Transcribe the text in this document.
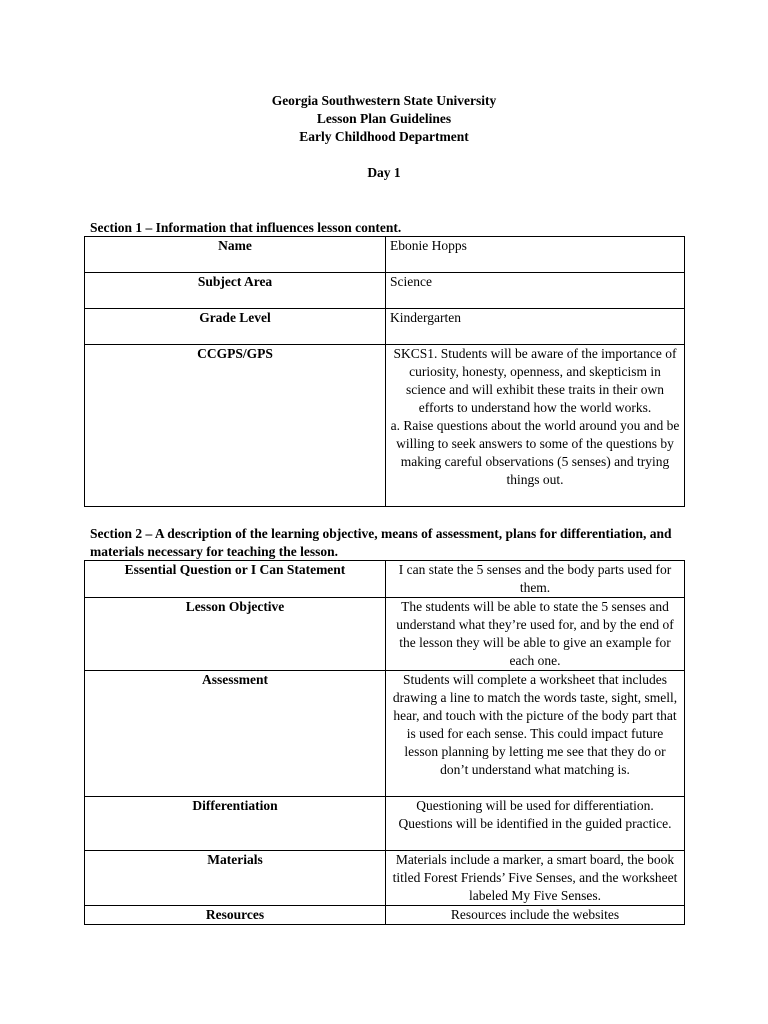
Georgia Southwestern State University
Lesson Plan Guidelines
Early Childhood Department
Day 1
Section 1 – Information that influences lesson content.
Name	Ebonie Hopps
Subject Area	Science
Grade Level	Kindergarten
CCGPS/GPS	SKCS1. Students will be aware of the importance of curiosity, honesty, openness, and skepticism in science and will exhibit these traits in their own efforts to understand how the world works.
a. Raise questions about the world around you and be willing to seek answers to some of the questions by making careful observations (5 senses) and trying things out.
Section 2 – A description of the learning objective, means of assessment, plans for differentiation, and materials necessary for teaching the lesson.
Essential Question or I Can Statement	I can state the 5 senses and the body parts used for them.
Lesson Objective	The students will be able to state the 5 senses and understand what they’re used for, and by the end of the lesson they will be able to give an example for each one.
Assessment	Students will complete a worksheet that includes drawing a line to match the words taste, sight, smell, hear, and touch with the picture of the body part that is used for each sense. This could impact future lesson planning by letting me see that they do or don’t understand what matching is.
Differentiation	Questioning will be used for differentiation. Questions will be identified in the guided practice.
Materials	Materials include a marker, a smart board, the book titled Forest Friends’ Five Senses, and the worksheet labeled My Five Senses.
Resources	Resources include the websites
